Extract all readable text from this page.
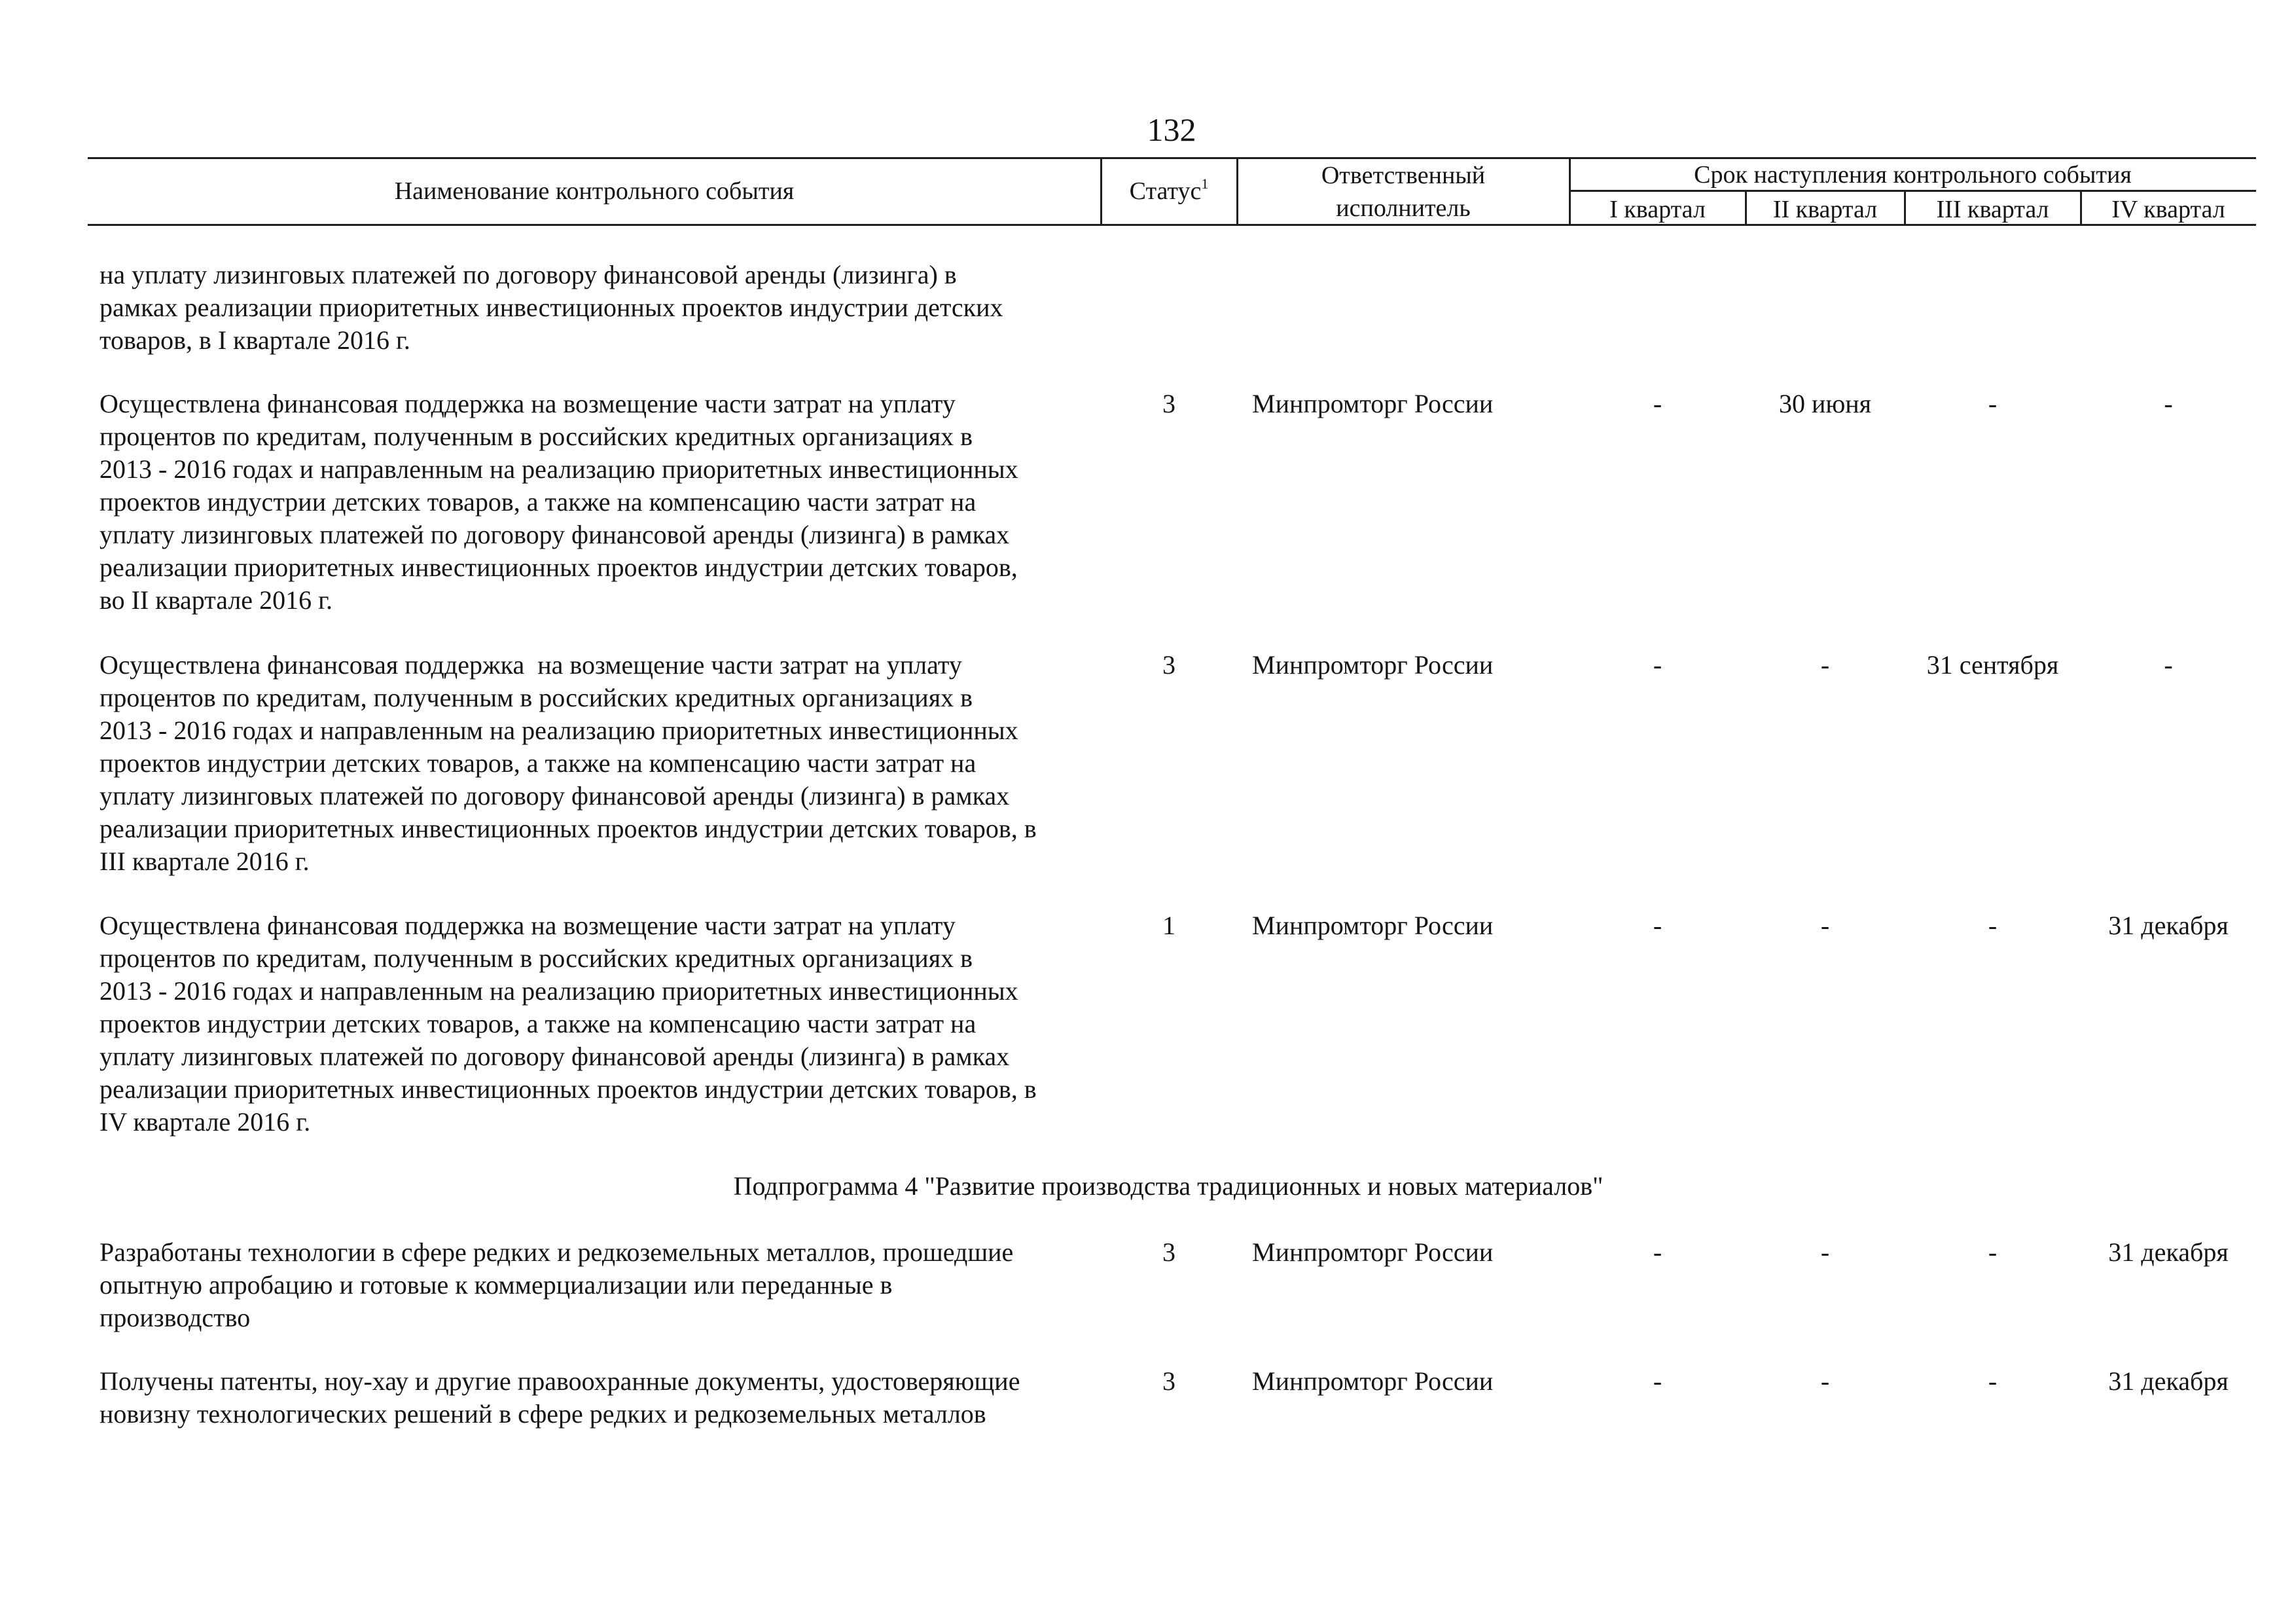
132
Наименование контрольного события	Статус$^1$	Ответственный
исполнитель
Срок наступления контрольного события
I квартал	II квартал	III квартал	IV квартал
Подпрограмма 4 "Развитие производства традиционных и новых материалов"
на уплату лизинговых платежей по договору финансовой аренды (лизинга) в
рамках реализации приоритетных инвестиционных проектов индустрии детских
товаров, в I квартале 2016 г.
Осуществлена финансовая поддержка на возмещение части затрат на уплату
процентов по кредитам, полученным в российских кредитных организациях в
2013 - 2016 годах и направленным на реализацию приоритетных инвестиционных
проектов индустрии детских товаров, а также на компенсацию части затрат на
уплату лизинговых платежей по договору финансовой аренды (лизинга) в рамках
реализации приоритетных инвестиционных проектов индустрии детских товаров,
во II квартале 2016 г.
3	Минпромторг России	-	30 июня	-	-
Осуществлена финансовая поддержка  на возмещение части затрат на уплату
процентов по кредитам, полученным в российских кредитных организациях в
2013 - 2016 годах и направленным на реализацию приоритетных инвестиционных
проектов индустрии детских товаров, а также на компенсацию части затрат на
уплату лизинговых платежей по договору финансовой аренды (лизинга) в рамках
реализации приоритетных инвестиционных проектов индустрии детских товаров, в
III квартале 2016 г.
3	Минпромторг России	-	-	31 сентября	-
Осуществлена финансовая поддержка на возмещение части затрат на уплату
процентов по кредитам, полученным в российских кредитных организациях в
2013 - 2016 годах и направленным на реализацию приоритетных инвестиционных
проектов индустрии детских товаров, а также на компенсацию части затрат на
уплату лизинговых платежей по договору финансовой аренды (лизинга) в рамках
реализации приоритетных инвестиционных проектов индустрии детских товаров, в
IV квартале 2016 г.
1	Минпромторг России	-	-	-	31 декабря
Разработаны технологии в сфере редких и редкоземельных металлов, прошедшие
опытную апробацию и готовые к коммерциализации или переданные в
производство
3	Минпромторг России	-	-	-	31 декабря
Получены патенты, ноу-хау и другие правоохранные документы, удостоверяющие
новизну технологических решений в сфере редких и редкоземельных металлов
3	Минпромторг России	-	-	-	31 декабря
